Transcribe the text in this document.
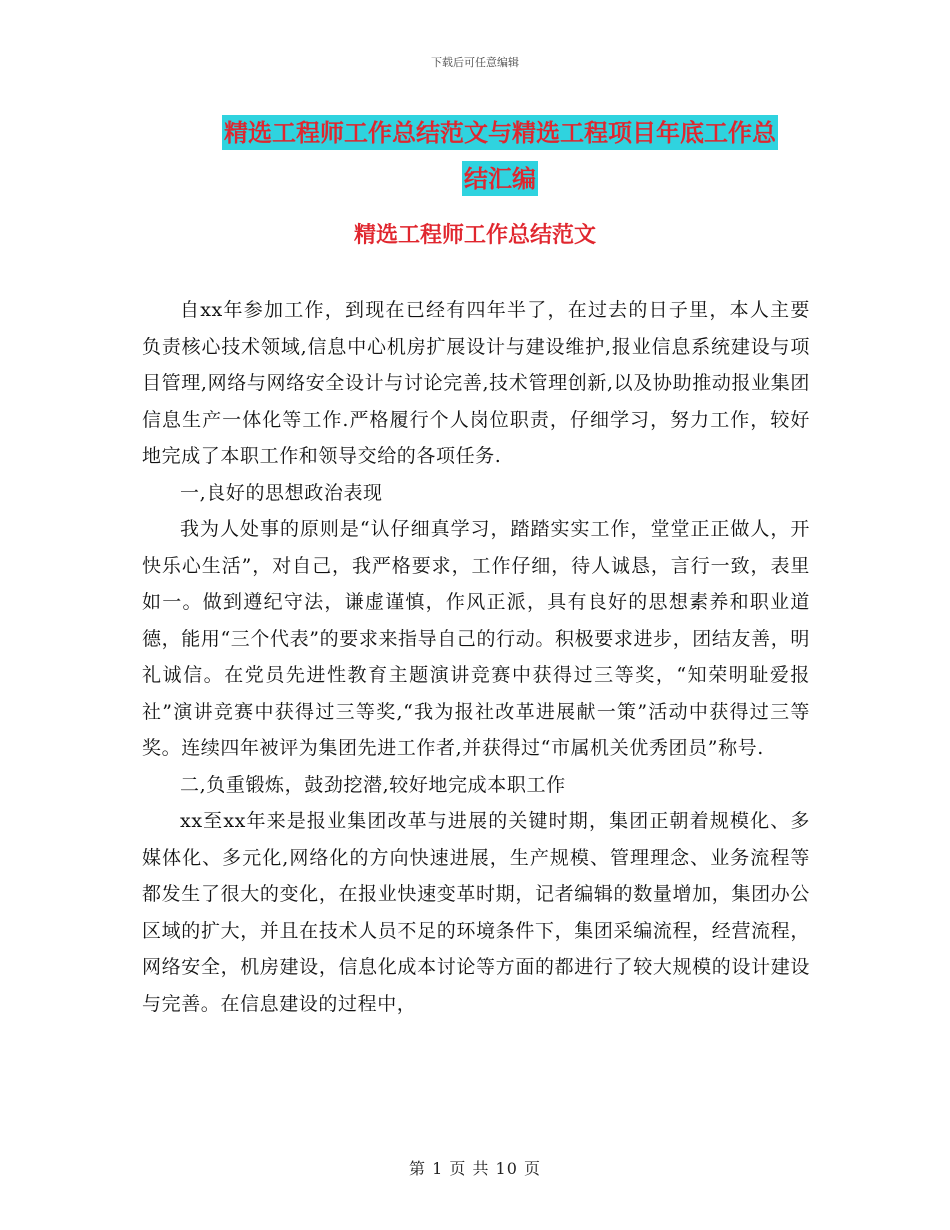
下载后可任意编辑
精选工程师工作总结范文与精选工程项目年底工作总
结汇编
精选工程师工作总结范文

自xx年参加工作，到现在已经有四年半了，在过去的日子里，本人主要负责核心技术领域,信息中心机房扩展设计与建设维护,报业信息系统建设与项目管理,网络与网络安全设计与讨论完善,技术管理创新,以及协助推动报业集团信息生产一体化等工作.严格履行个人岗位职责，仔细学习，努力工作，较好地完成了本职工作和领导交给的各项任务.

一,良好的思想政治表现

我为人处事的原则是“认仔细真学习，踏踏实实工作，堂堂正正做人，开快乐心生活”，对自己，我严格要求，工作仔细，待人诚恳，言行一致，表里如一。做到遵纪守法，谦虚谨慎，作风正派，具有良好的思想素养和职业道德，能用“三个代表”的要求来指导自己的行动。积极要求进步，团结友善，明礼诚信。在党员先进性教育主题演讲竞赛中获得过三等奖，“知荣明耻爱报社”演讲竞赛中获得过三等奖,“我为报社改革进展献一策”活动中获得过三等奖。连续四年被评为集团先进工作者,并获得过“市属机关优秀团员”称号.

二,负重锻炼，鼓劲挖潜,较好地完成本职工作

xx至xx年来是报业集团改革与进展的关键时期，集团正朝着规模化、多媒体化、多元化,网络化的方向快速进展，生产规模、管理理念、业务流程等都发生了很大的变化，在报业快速变革时期，记者编辑的数量增加，集团办公区域的扩大，并且在技术人员不足的环境条件下，集团采编流程，经营流程，网络安全，机房建设，信息化成本讨论等方面的都进行了较大规模的设计建设与完善。在信息建设的过程中，

第 1 页 共 10 页
